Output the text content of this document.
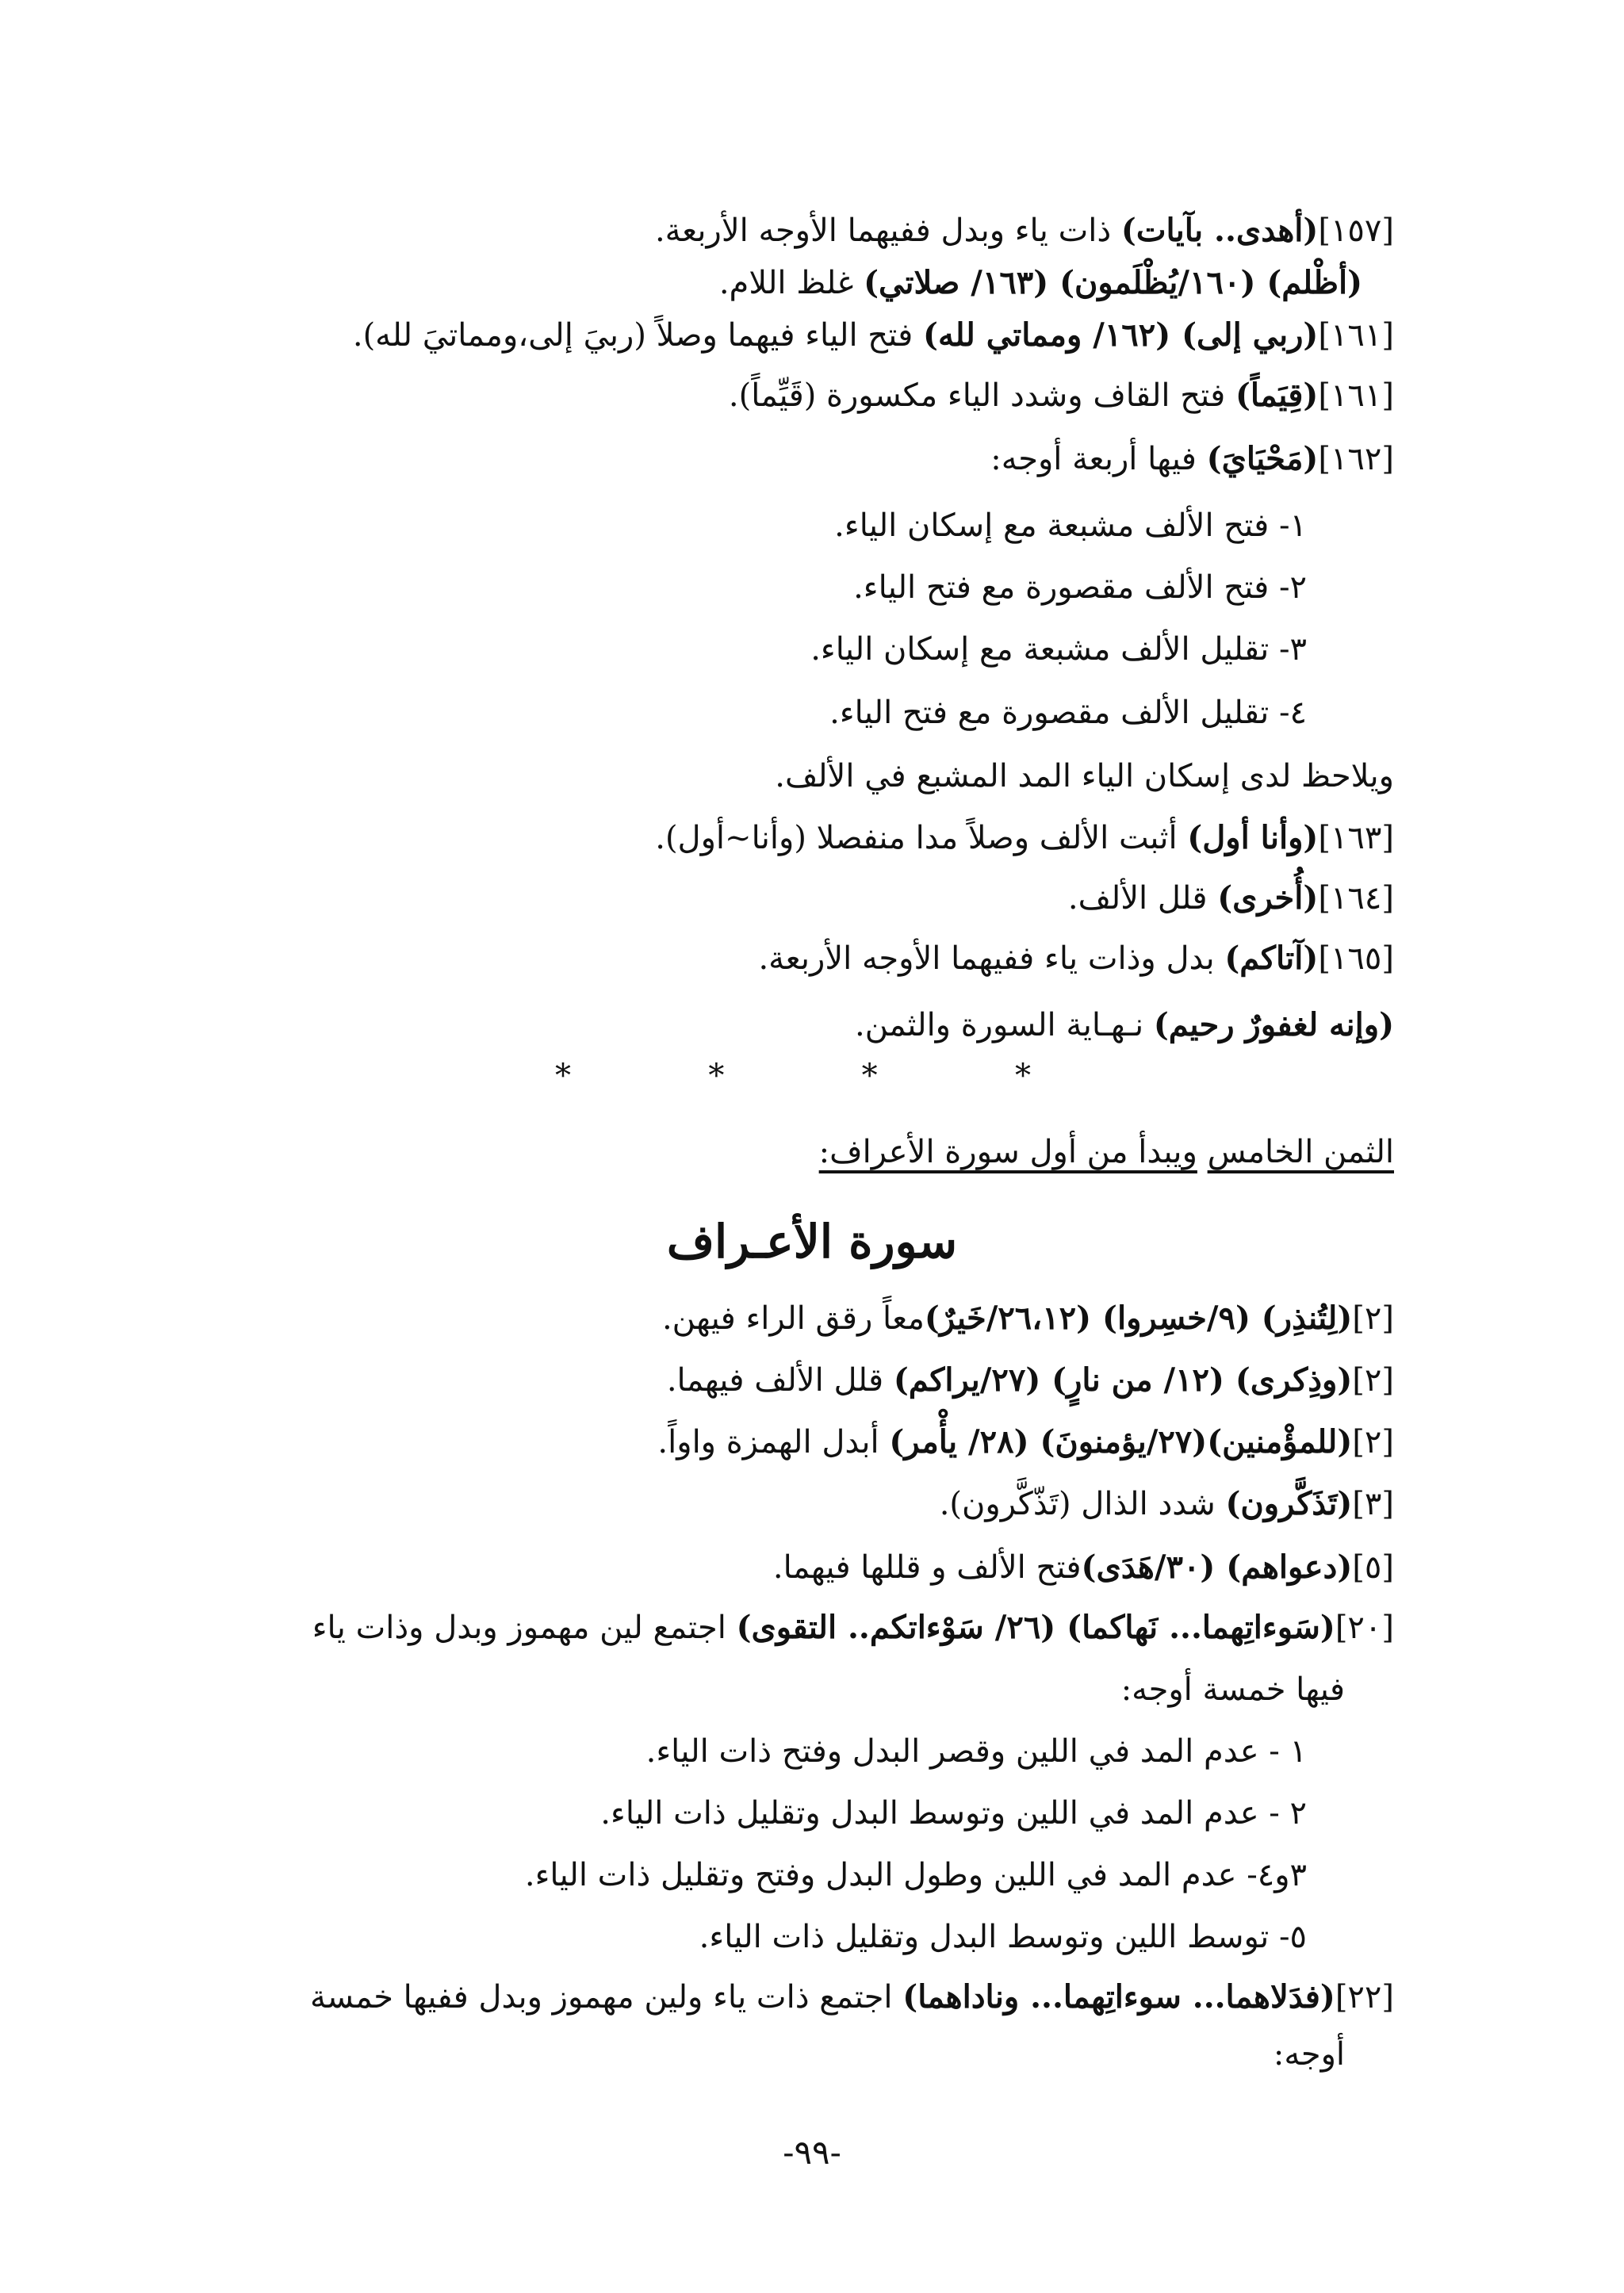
[١٥٧](أهدى.. بآيات) ذات ياء وبدل ففيهما الأوجه الأربعة.
(أظْلم) (١٦٠/يُظْلَمون) (١٦٣/ صلاتي) غلظ اللام.
[١٦١](ربي إلى) (١٦٢/ ومماتي لله) فتح الياء فيهما وصلاً (ربيَ إلى،ومماتيَ لله).
[١٦١](قِيَماً) فتح القاف وشدد الياء مكسورة (قَيِّماً).
[١٦٢](مَحْيَايَ) فيها أربعة أوجه:
١- فتح الألف مشبعة مع إسكان الياء.
٢- فتح الألف مقصورة مع فتح الياء.
٣- تقليل الألف مشبعة مع إسكان الياء.
٤- تقليل الألف مقصورة مع فتح الياء.
ويلاحظ لدى إسكان الياء المد المشبع في الألف.
[١٦٣](وأنا أول) أثبت الألف وصلاً مدا منفصلا (وأنا~أول).
[١٦٤](أُخرى) قلل الألف.
[١٦٥](آتاكم) بدل وذات ياء ففيهما الأوجه الأربعة.
(وإنه لغفورٌ رحيم) نـهـاية السورة والثمن.
*	*	*	*
الثمن الخامس ويبدأ من أول سورة الأعراف:
سورة الأعـراف
[٢](لِتُنذِر) (٩/خسِروا) (٢٦،١٢/خَيرٌ)معاً رقق الراء فيهن.
[٢](وذِكرى) (١٢/ من نارٍ) (٢٧/يراكم) قلل الألف فيهما.
[٢](للمؤْمنين)(٢٧/يؤمنونَ) (٢٨/ يأْمر) أبدل الهمزة واواً.
[٣](تَذَكَّرون) شدد الذال (تَذّكَّرون).
[٥](دعواهم) (٣٠/هَدَى)فتح الألف و قللها فيهما.
[٢٠](سَوءاتِهما... نَهاكما) (٢٦/ سَوْءاتكم.. التقوى) اجتمع لين مهموز وبدل وذات ياء
فيها خمسة أوجه:
١ - عدم المد في اللين وقصر البدل وفتح ذات الياء.
٢ - عدم المد في اللين وتوسط البدل وتقليل ذات الياء.
٣و٤- عدم المد في اللين وطول البدل وفتح وتقليل ذات الياء.
٥- توسط اللين وتوسط البدل وتقليل ذات الياء.
[٢٢](فدَلاهما... سوءاتِهما... وناداهما) اجتمع ذات ياء ولين مهموز وبدل ففيها خمسة
أوجه:
-٩٩-
